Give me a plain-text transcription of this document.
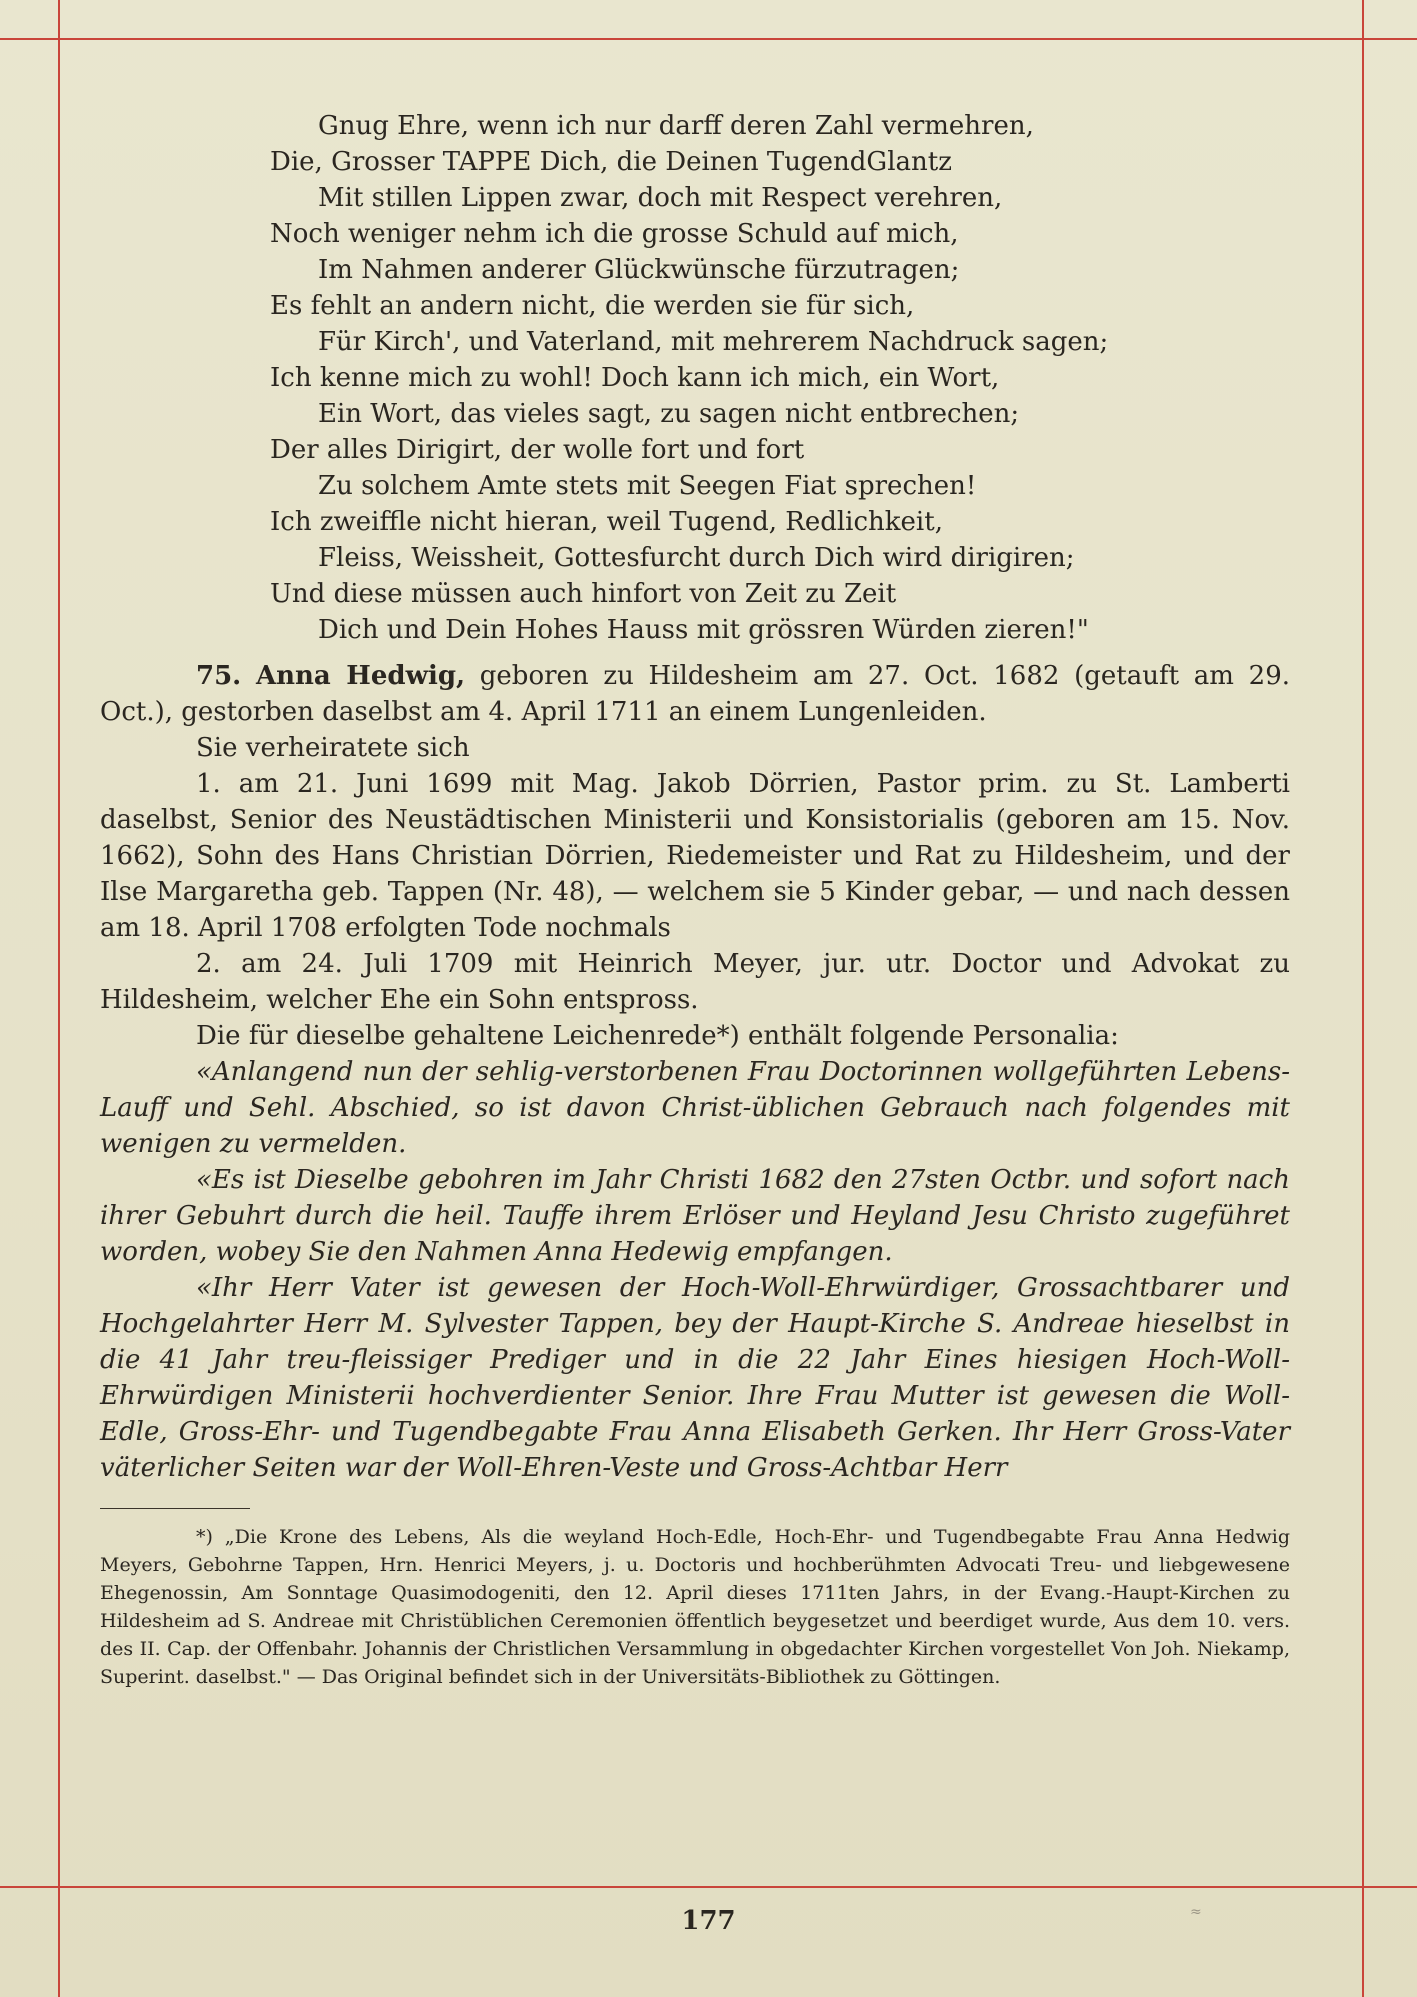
Gnug Ehre, wenn ich nur darff deren Zahl vermehren,
Die, Grosser TAPPE Dich, die Deinen TugendGlantz
Mit stillen Lippen zwar, doch mit Respect verehren,
Noch weniger nehm ich die grosse Schuld auf mich,
Im Nahmen anderer Glückwünsche fürzutragen;
Es fehlt an andern nicht, die werden sie für sich,
Für Kirch', und Vaterland, mit mehrerem Nachdruck sagen;
Ich kenne mich zu wohl! Doch kann ich mich, ein Wort,
Ein Wort, das vieles sagt, zu sagen nicht entbrechen;
Der alles Dirigirt, der wolle fort und fort
Zu solchem Amte stets mit Seegen Fiat sprechen!
Ich zweiffle nicht hieran, weil Tugend, Redlichkeit,
Fleiss, Weissheit, Gottesfurcht durch Dich wird dirigiren;
Und diese müssen auch hinfort von Zeit zu Zeit
Dich und Dein Hohes Hauss mit grössren Würden zieren!"

75. Anna Hedwig, geboren zu Hildesheim am 27. Oct. 1682 (getauft am 29. Oct.), gestorben daselbst am 4. April 1711 an einem Lungenleiden.

Sie verheiratete sich

1. am 21. Juni 1699 mit Mag. Jakob Dörrien, Pastor prim. zu St. Lamberti daselbst, Senior des Neustädtischen Ministerii und Konsistorialis (geboren am 15. Nov. 1662), Sohn des Hans Christian Dörrien, Riedemeister und Rat zu Hildesheim, und der Ilse Margaretha geb. Tappen (Nr. 48), — welchem sie 5 Kinder gebar, — und nach dessen am 18. April 1708 erfolgten Tode nochmals

2. am 24. Juli 1709 mit Heinrich Meyer, jur. utr. Doctor und Advokat zu Hildesheim, welcher Ehe ein Sohn entspross.

Die für dieselbe gehaltene Leichenrede*) enthält folgende Personalia:

«Anlangend nun der sehlig-verstorbenen Frau Doctorinnen wollgeführten Lebens-Lauff und Sehl. Abschied, so ist davon Christ-üblichen Gebrauch nach folgendes mit wenigen zu vermelden.

«Es ist Dieselbe gebohren im Jahr Christi 1682 den 27sten Octbr. und sofort nach ihrer Gebuhrt durch die heil. Tauffe ihrem Erlöser und Heyland Jesu Christo zugeführet worden, wobey Sie den Nahmen Anna Hedewig empfangen.

«Ihr Herr Vater ist gewesen der Hoch-Woll-Ehrwürdiger, Grossachtbarer und Hochgelahrter Herr M. Sylvester Tappen, bey der Haupt-Kirche S. Andreae hieselbst in die 41 Jahr treu-fleissiger Prediger und in die 22 Jahr Eines hiesigen Hoch-Woll-Ehrwürdigen Ministerii hochverdienter Senior. Ihre Frau Mutter ist gewesen die Woll-Edle, Gross-Ehr- und Tugendbegabte Frau Anna Elisabeth Gerken. Ihr Herr Gross-Vater väterlicher Seiten war der Woll-Ehren-Veste und Gross-Achtbar Herr

*) „Die Krone des Lebens, Als die weyland Hoch-Edle, Hoch-Ehr- und Tugendbegabte Frau Anna Hedwig Meyers, Gebohrne Tappen, Hrn. Henrici Meyers, j. u. Doctoris und hochberühmten Advocati Treu- und liebgewesene Ehegenossin, Am Sonntage Quasimodogeniti, den 12. April dieses 1711ten Jahrs, in der Evang.-Haupt-Kirchen zu Hildesheim ad S. Andreae mit Christüblichen Ceremonien öffentlich beygesetzet und beerdiget wurde, Aus dem 10. vers. des II. Cap. der Offenbahr. Johannis der Christlichen Versammlung in obgedachter Kirchen vorgestellet Von Joh. Niekamp, Superint. daselbst." — Das Original befindet sich in der Universitäts-Bibliothek zu Göttingen.

177	≈
